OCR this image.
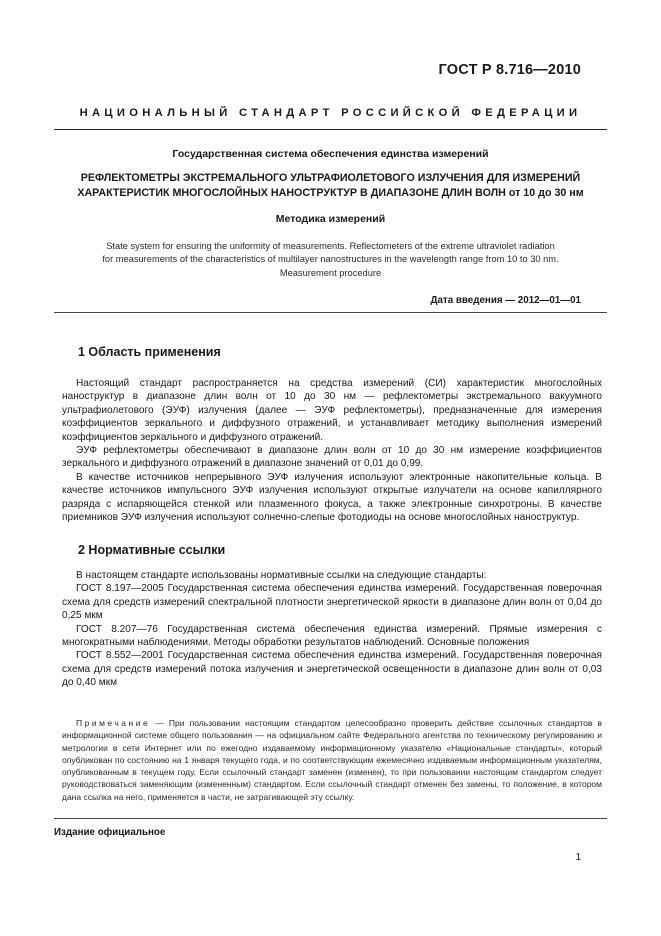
ГОСТ Р 8.716—2010
НАЦИОНАЛЬНЫЙ СТАНДАРТ РОССИЙСКОЙ ФЕДЕРАЦИИ
Государственная система обеспечения единства измерений
РЕФЛЕКТОМЕТРЫ ЭКСТРЕМАЛЬНОГО УЛЬТРАФИОЛЕТОВОГО ИЗЛУЧЕНИЯ ДЛЯ ИЗМЕРЕНИЙ
ХАРАКТЕРИСТИК МНОГОСЛОЙНЫХ НАНОСТРУКТУР В ДИАПАЗОНЕ ДЛИН ВОЛН от 10 до 30 нм
Методика измерений
State system for ensuring the uniformity of measurements. Reflectometers of the extreme ultraviolet radiation
for measurements of the characteristics of multilayer nanostructures in the wavelength range from 10 to 30 nm.
Measurement procedure
Дата введения — 2012—01—01
1 Область применения

Настоящий стандарт распространяется на средства измерений (СИ) характеристик многослойных наноструктур в диапазоне длин волн от 10 до 30 нм — рефлектометры экстремального вакуумного ультрафиолетового (ЭУФ) излучения (далее — ЭУФ рефлектометры), предназначенные для измерения коэффициентов зеркального и диффузного отражений, и устанавливает методику выполнения измерений коэффициентов зеркального и диффузного отражений.

ЭУФ рефлектометры обеспечивают в диапазоне длин волн от 10 до 30 нм измерение коэффициентов зеркального и диффузного отражений в диапазоне значений от 0,01 до 0,99.

В качестве источников непрерывного ЭУФ излучения используют электронные накопительные кольца. В качестве источников импульсного ЭУФ излучения используют открытые излучатели на основе капиллярного разряда с испаряющейся стенкой или плазменного фокуса, а также электронные синхротроны. В качестве приемников ЭУФ излучения используют солнечно-слепые фотодиоды на основе многослойных наноструктур.

2 Нормативные ссылки

В настоящем стандарте использованы нормативные ссылки на следующие стандарты:

ГОСТ 8.197—2005 Государственная система обеспечения единства измерений. Государственная поверочная схема для средств измерений спектральной плотности энергетической яркости в диапазоне длин волн от 0,04 до 0,25 мкм

ГОСТ 8.207—76 Государственная система обеспечения единства измерений. Прямые измерения с многократными наблюдениями. Методы обработки результатов наблюдений. Основные положения

ГОСТ 8.552—2001 Государственная система обеспечения единства измерений. Государственная поверочная схема для средств измерений потока излучения и энергетической освещенности в диапазоне длин волн от 0,03 до 0,40 мкм

Примечание — При пользовании настоящим стандартом целесообразно проверить действие ссылочных стандартов в информационной системе общего пользования — на официальном сайте Федерального агентства по техническому регулированию и метрологии в сети Интернет или по ежегодно издаваемому информационному указателю «Национальные стандарты», который опубликован по состоянию на 1 января текущего года, и по соответствующим ежемесячно издаваемым информационным указателям, опубликованным в текущем году. Если ссылочный стандарт заменен (изменен), то при пользовании настоящим стандартом следует руководствоваться заменяющим (измененным) стандартом. Если ссылочный стандарт отменен без замены, то положение, в котором дана ссылка на него, применяется в части, не затрагивающей эту ссылку.

Издание официальное
1
